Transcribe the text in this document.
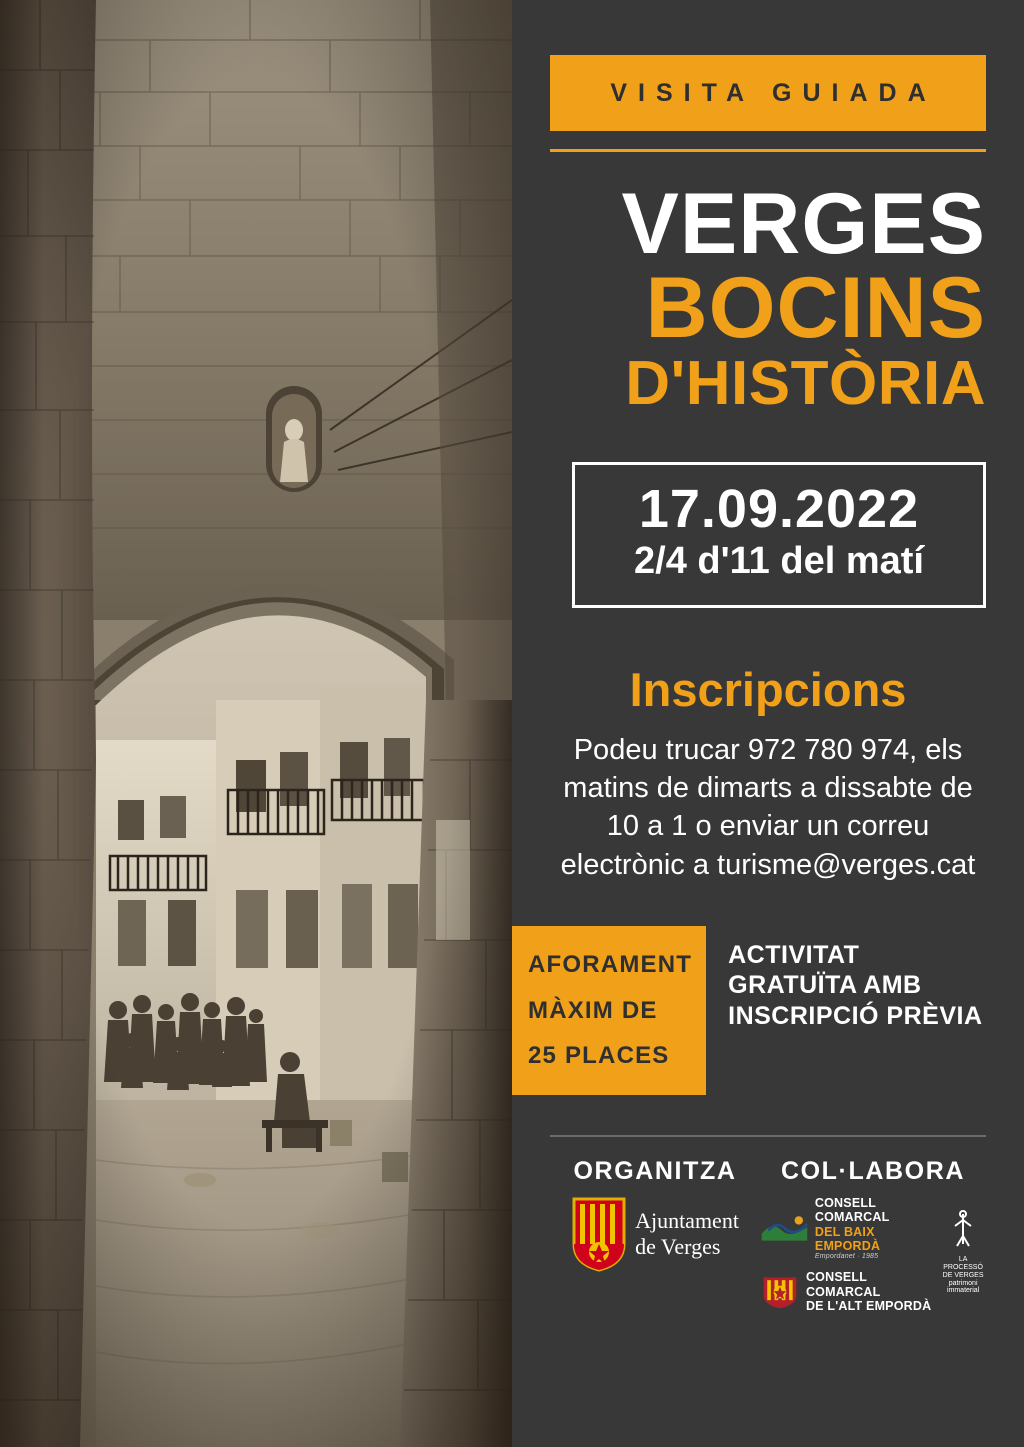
VISITA GUIADA
VERGES
BOCINS
D'HISTÒRIA
17.09.2022
2/4 d'11 del matí
Inscripcions
Podeu trucar 972 780 974, els matins de dimarts a dissabte de 10 a 1 o enviar un correu electrònic a turisme@verges.cat
AFORAMENT
MÀXIM DE
25 PLACES
ACTIVITAT GRATUÏTA AMB INSCRIPCIÓ PRÈVIA
ORGANITZA
Ajuntament
de Verges
COL·LABORA
CONSELL COMARCAL
DEL BAIX EMPORDÀ
Empordanet · 1985
CONSELL COMARCAL
DE L'ALT EMPORDÀ
LA PROCESSÓ
DE VERGES
patrimoni immaterial
